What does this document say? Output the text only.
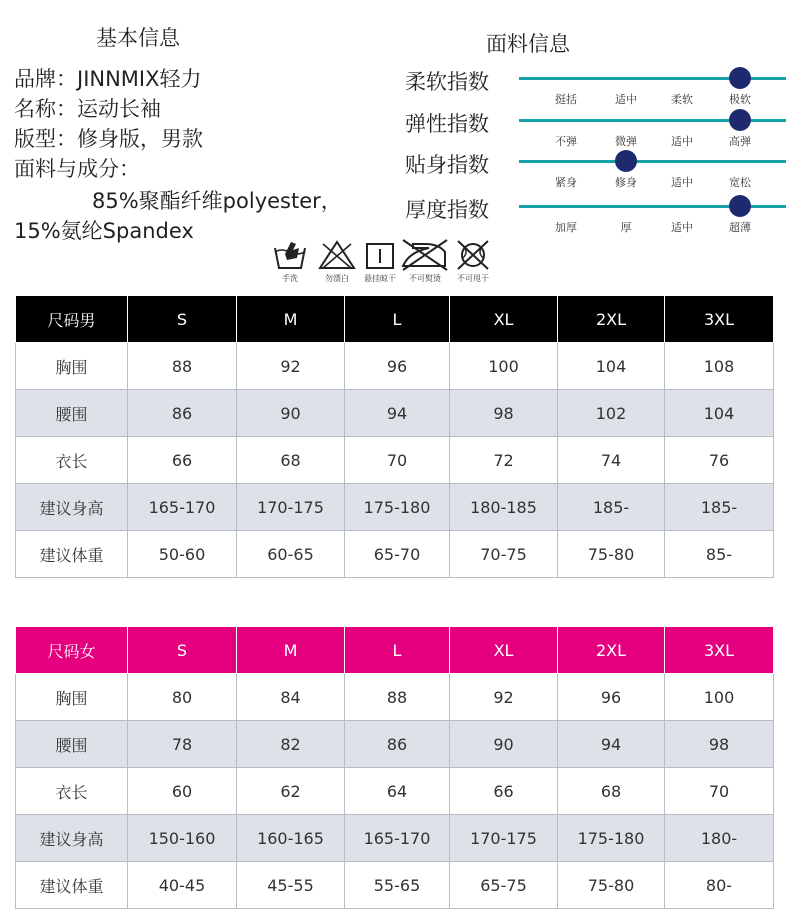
基本信息
品牌：JINNMIX轻力
名称：运动长袖
版型：修身版，男款
面料与成分：
85%聚酯纤维polyester，
15%氨纶Spandex
面料信息
柔软指数
挺括	适中	柔软	极软
弹性指数
不弹	微弹	适中	高弹
贴身指数
紧身	修身	适中	宽松
厚度指数
加厚	厚	适中	超薄
手洗	勿漂白 悬挂晾干 不可熨烫 不可甩干
尺码男	S	M	L	XL	2XL	3XL
胸围	88	92	96	100	104	108
腰围	86	90	94	98	102	104
衣长	66	68	70	72	74	76
建议身高	165-170	170-175	175-180	180-185	185-	185-
建议体重	50-60	60-65	65-70	70-75	75-80	85-
尺码女	S	M	L	XL	2XL	3XL
胸围	80	84	88	92	96	100
腰围	78	82	86	90	94	98
衣长	60	62	64	66	68	70
建议身高	150-160	160-165	165-170	170-175	175-180	180-
建议体重	40-45	45-55	55-65	65-75	75-80	80-
